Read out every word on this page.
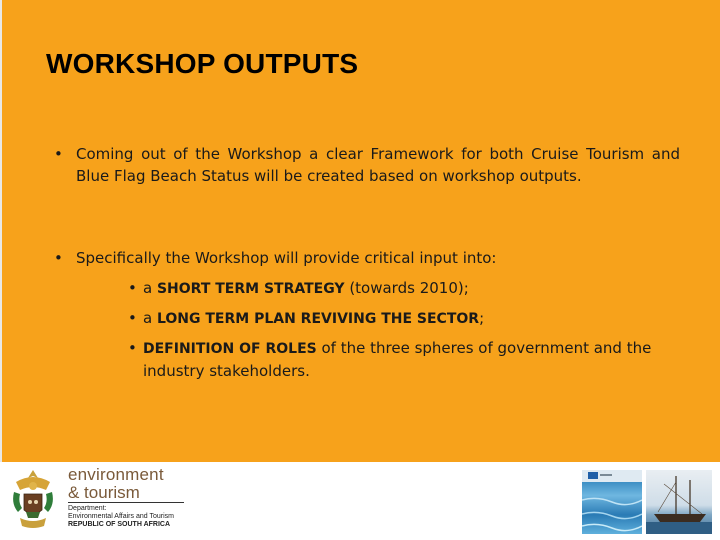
WORKSHOP OUTPUTS
• Coming out of the Workshop a clear Framework for both Cruise Tourism and Blue Flag Beach Status will be created based on workshop outputs.
• Specifically the Workshop will provide critical input into:
• a SHORT TERM STRATEGY (towards 2010);
• a LONG TERM PLAN REVIVING THE SECTOR;
• DEFINITION OF ROLES of the three spheres of government and the industry stakeholders.
environment
& tourism
Department:
Environmental Affairs and Tourism
REPUBLIC OF SOUTH AFRICA
